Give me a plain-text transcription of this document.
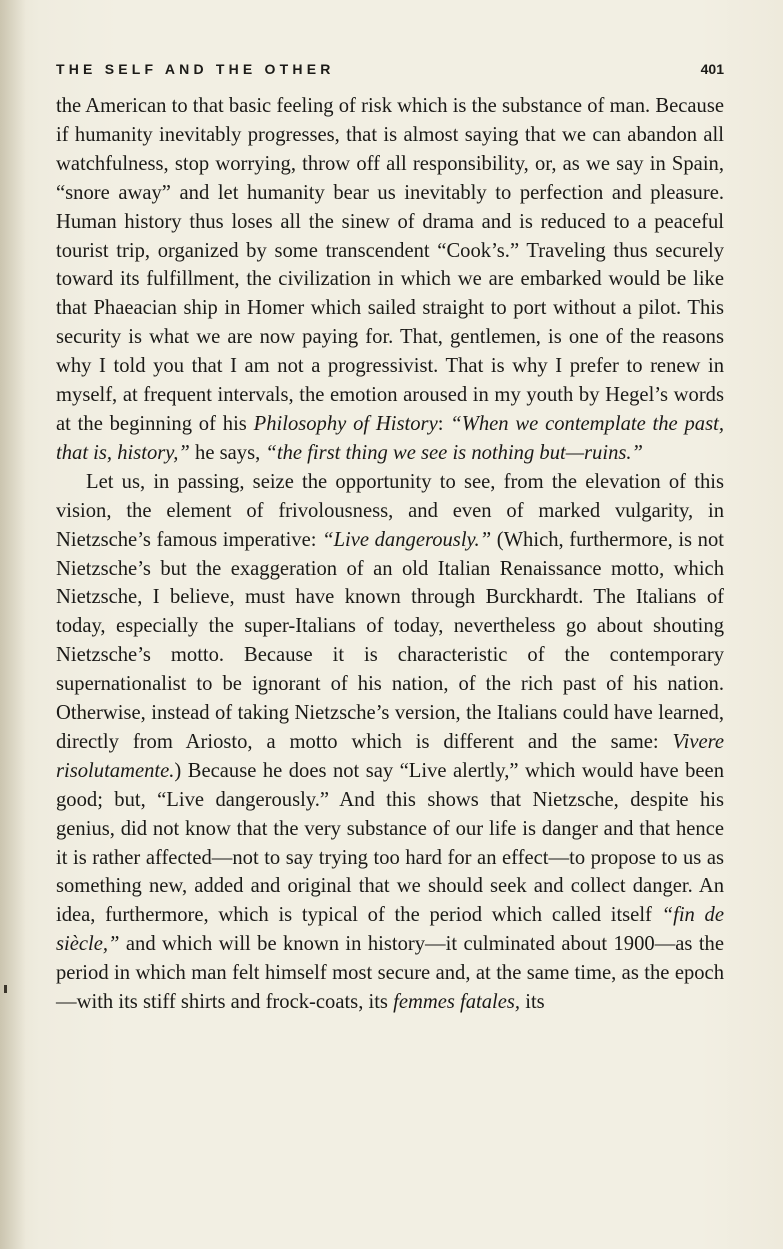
THE SELF AND THE OTHER	401

the American to that basic feeling of risk which is the substance of man. Because if humanity inevitably progresses, that is almost saying that we can abandon all watchfulness, stop worrying, throw off all responsibility, or, as we say in Spain, “snore away” and let humanity bear us inevitably to perfection and pleasure. Human history thus loses all the sinew of drama and is reduced to a peaceful tourist trip, organized by some transcendent “Cook’s.” Traveling thus securely toward its fulfillment, the civilization in which we are embarked would be like that Phaeacian ship in Homer which sailed straight to port without a pilot. This security is what we are now paying for. That, gentlemen, is one of the reasons why I told you that I am not a progressivist. That is why I prefer to renew in myself, at frequent intervals, the emotion aroused in my youth by Hegel’s words at the beginning of his Philosophy of History: “When we contemplate the past, that is, history,” he says, “the first thing we see is nothing but—ruins.”

Let us, in passing, seize the opportunity to see, from the elevation of this vision, the element of frivolousness, and even of marked vulgarity, in Nietzsche’s famous imperative: “Live dangerously.” (Which, furthermore, is not Nietzsche’s but the exaggeration of an old Italian Renaissance motto, which Nietzsche, I believe, must have known through Burckhardt. The Italians of today, especially the super-Italians of today, nevertheless go about shouting Nietzsche’s motto. Because it is characteristic of the contemporary supernationalist to be ignorant of his nation, of the rich past of his nation. Otherwise, instead of taking Nietzsche’s version, the Italians could have learned, directly from Ariosto, a motto which is different and the same: Vivere risolutamente.) Because he does not say “Live alertly,” which would have been good; but, “Live dangerously.” And this shows that Nietzsche, despite his genius, did not know that the very substance of our life is danger and that hence it is rather affected—not to say trying too hard for an effect—to propose to us as something new, added and original that we should seek and collect danger. An idea, furthermore, which is typical of the period which called itself “fin de siècle,” and which will be known in history—it culminated about 1900—as the period in which man felt himself most secure and, at the same time, as the epoch—with its stiff shirts and frock-coats, its femmes fatales, its
